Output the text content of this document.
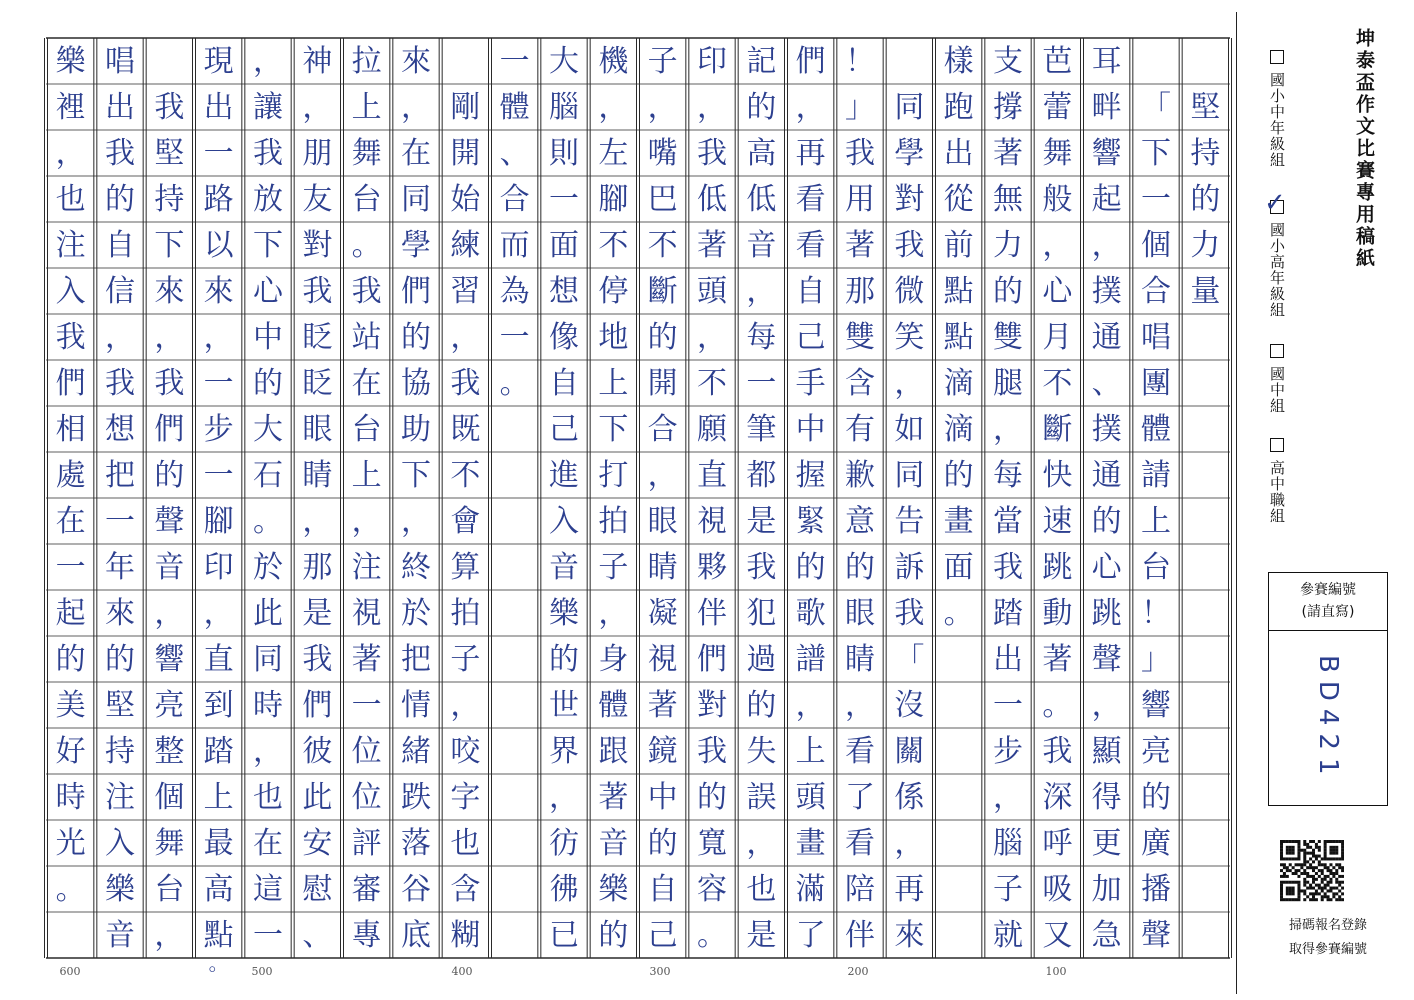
堅
持
的
力
量
「
下
一
個
合
唱
團
體
請
上
台
！
」
響
亮
的
廣
播
聲
耳
畔
響
起
，
撲
通
、
撲
通
的
心
跳
聲
，
顯
得
更
加
急
芭
蕾
舞
般
，
心
月
不
斷
快
速
跳
動
著
。
我
深
呼
吸
又
支
撐
著
無
力
的
雙
腿
，
每
當
我
踏
出
一
步
，
腦
子
就
樣
跑
出
從
前
點
點
滴
滴
的
畫
面
。
同
學
對
我
微
笑
，
如
同
告
訴
我
「
沒
關
係
，
再
來
！
」
我
用
著
那
雙
含
有
歉
意
的
眼
睛
，
看
了
看
陪
伴
們
，
再
看
看
自
己
手
中
握
緊
的
歌
譜
，
上
頭
畫
滿
了
記
的
高
低
音
，
每
一
筆
都
是
我
犯
過
的
失
誤
，
也
是
印
，
我
低
著
頭
，
不
願
直
視
夥
伴
們
對
我
的
寬
容
。
子
，
嘴
巴
不
斷
的
開
合
，
眼
睛
凝
視
著
鏡
中
的
自
己
機
，
左
腳
不
停
地
上
下
打
拍
子
，
身
體
跟
著
音
樂
的
大
腦
則
一
面
想
像
自
己
進
入
音
樂
的
世
界
，
彷
彿
已
一
體
、
合
而
為
一
。
剛
開
始
練
習
，
我
既
不
會
算
拍
子
，
咬
字
也
含
糊
來
，
在
同
學
們
的
協
助
下
，
終
於
把
情
緒
跌
落
谷
底
拉
上
舞
台
。
我
站
在
台
上
，
注
視
著
一
位
位
評
審
專
神
，
朋
友
對
我
眨
眨
眼
睛
，
那
是
我
們
彼
此
安
慰
、
，
讓
我
放
下
心
中
的
大
石
。
於
此
同
時
，
也
在
這
一
現
出
一
路
以
來
，
一
步
一
腳
印
，
直
到
踏
上
最
高
點
我
堅
持
下
來
，
我
們
的
聲
音
，
響
亮
整
個
舞
台
，
唱
出
我
的
自
信
，
我
想
把
一
年
來
的
堅
持
注
入
樂
音
樂
裡
，
也
注
入
我
們
相
處
在
一
起
的
美
好
時
光
。
。
600	500	400	300	200	100
坤泰盃作文比賽專用稿紙
國小中年級組
國小高年級組
✓
國中組
高中職組
參賽編號
(請直寫)
BD421
掃碼報名登錄
取得參賽編號
